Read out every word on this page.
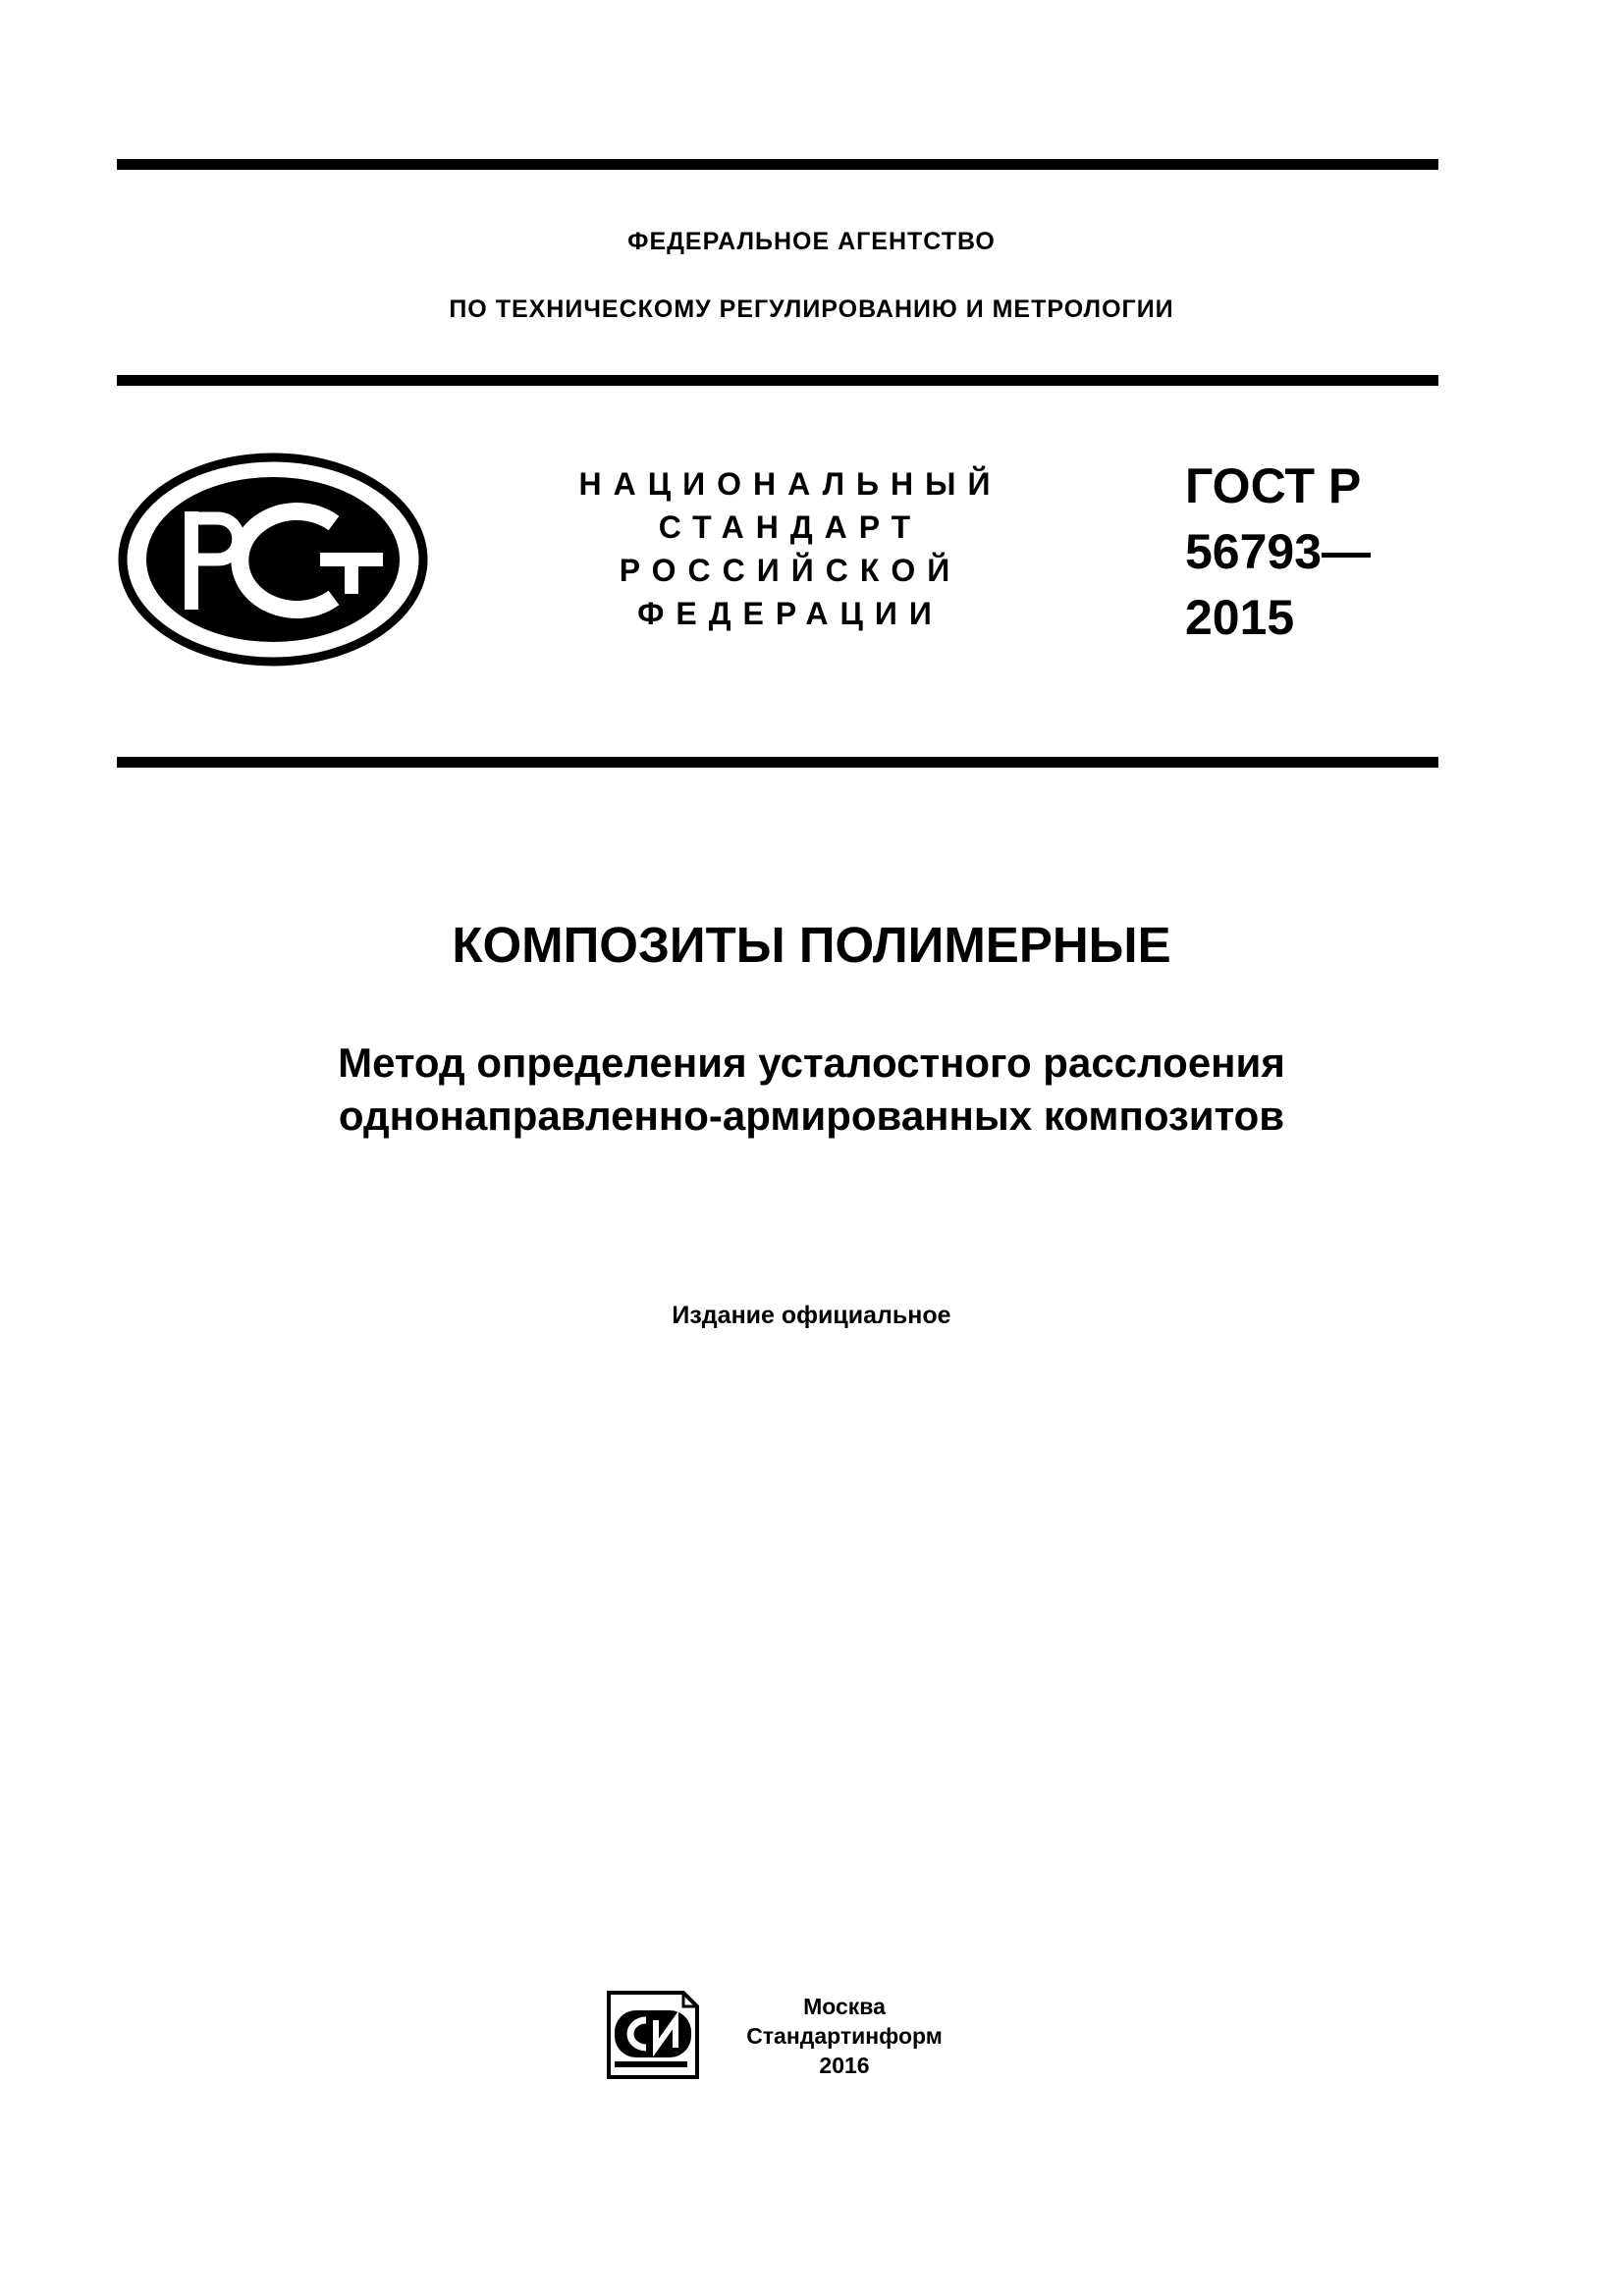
ФЕДЕРАЛЬНОЕ АГЕНТСТВО
ПО ТЕХНИЧЕСКОМУ РЕГУЛИРОВАНИЮ И МЕТРОЛОГИИ
НАЦИОНАЛЬНЫЙ
СТАНДАРТ
РОССИЙСКОЙ
ФЕДЕРАЦИИ
ГОСТ Р
56793—
2015
КОМПОЗИТЫ ПОЛИМЕРНЫЕ
Метод определения усталостного расслоения
однонаправленно-армированных композитов
Издание официальное
Москва
Стандартинформ
2016
